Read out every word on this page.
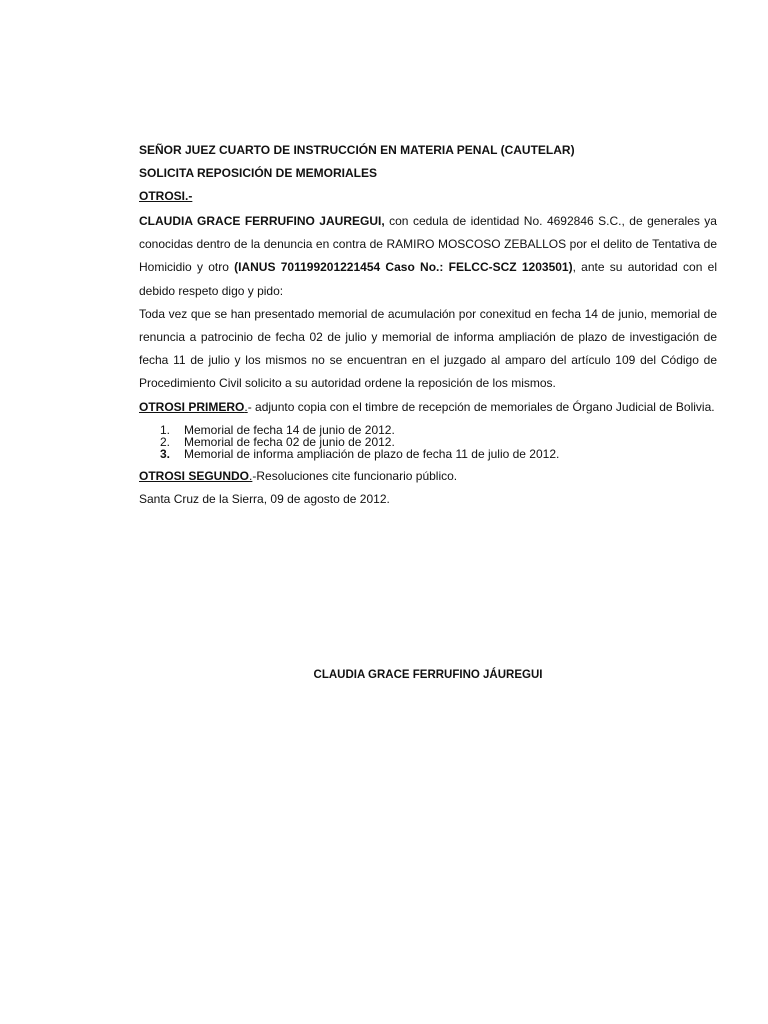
SEÑOR JUEZ CUARTO DE INSTRUCCIÓN EN MATERIA PENAL (CAUTELAR)
SOLICITA REPOSICIÓN DE MEMORIALES
OTROSI.-

CLAUDIA GRACE FERRUFINO JAUREGUI, con cedula de identidad No. 4692846 S.C., de generales ya conocidas dentro de la denuncia en contra de RAMIRO MOSCOSO ZEBALLOS por el delito de Tentativa de Homicidio y otro (IANUS 701199201221454 Caso No.: FELCC-SCZ 1203501), ante su autoridad con el debido respeto digo y pido:

Toda vez que se han presentado memorial de acumulación por conexitud en fecha 14 de junio, memorial de renuncia a patrocinio de fecha 02 de julio y memorial de informa ampliación de plazo de investigación de fecha 11 de julio y los mismos no se encuentran en el juzgado al amparo del artículo 109 del Código de Procedimiento Civil solicito a su autoridad ordene la reposición de los mismos.

OTROSI PRIMERO.- adjunto copia con el timbre de recepción de memoriales de Órgano Judicial de Bolivia.

1. Memorial de fecha 14 de junio de 2012.
2. Memorial de fecha 02 de junio de 2012.
3. Memorial de informa ampliación de plazo de fecha 11 de julio de 2012.
OTROSI SEGUNDO.-Resoluciones cite funcionario público.
Santa Cruz de la Sierra, 09 de agosto de 2012.
CLAUDIA GRACE FERRUFINO JÁUREGUI
